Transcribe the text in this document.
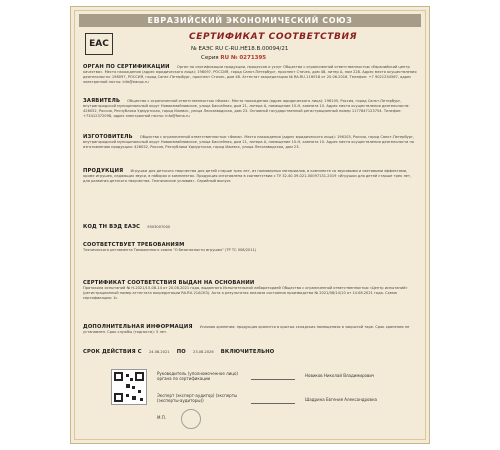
ЕВРАЗИЙСКИЙ ЭКОНОМИЧЕСКИЙ СОЮЗ
EAC
СЕРТИФИКАТ СООТВЕТСТВИЯ
№ ЕАЭС RU С-RU.НЕ18.В.00094/21
Серия RU № 0271395
ОРГАН ПО СЕРТИФИКАЦИИ Орган по сертификации продукции, процессов и услуг Общества с ограниченной ответственностью «Евразийский центр качества». Место нахождения (адрес юридического лица): 198097, РОССИЯ, город Санкт-Петербург, проспект Стачек, дом 48, литер А, пом 228. Адрес места осуществления деятельности: 198097, РОССИЯ, город Санкт-Петербург, проспект Стачек, дом 48. Аттестат аккредитации № RA.RU.11НЕ18 от 20.06.2016. Телефон: +7 9021234567, адрес электронной почты: info@eacqa.ru
ЗАЯВИТЕЛЬ Общество с ограниченной ответственностью «Фома». Место нахождения (адрес юридического лица): 196105, Россия, город Санкт-Петербург, внутригородской муниципальный округ Новоизмайловское, улица Бассейная, дом 21, литера А, помещение 10-Н, комната 10. Адрес места осуществления деятельности: 426052, Россия, Республика Удмуртская, город Ижевск, улица Лесозаводская, дом 23. Основной государственный регистрационный номер 1177847123754. Телефон: +73412372098, адрес электронной почты: info@foma.ru
ИЗГОТОВИТЕЛЬ Общество с ограниченной ответственностью «Фома». Место нахождения (адрес юридического лица): 196105, Россия, город Санкт-Петербург, внутригородской муниципальный округ Новоизмайловское, улица Бассейная, дом 21, литера А, помещение 10-Н, комната 10. Адрес места осуществления деятельности по изготовлению продукции: 426052, Россия, Республика Удмуртская, город Ижевск, улица Лесозаводская, дом 23.
ПРОДУКЦИЯ Игрушки для детского творчества для детей старше трех лет, из полимерных материалов, в комплекте со звуковыми и световыми эффектами, кроме игрушек, издающих звуки, в наборах и комплектах. Продукция изготовлена в соответствии с ТУ 32.40.39-021-00097131-2019 «Игрушки для детей старше трех лет, для развития детского творчества. Технические условия». Серийный выпуск
КОД ТН ВЭД ЕАЭС 9503007000
СООТВЕТСТВУЕТ ТРЕБОВАНИЯМ
Технического регламента Таможенного союза "О безопасности игрушек" (ТР ТС 008/2011)
СЕРТИФИКАТ СООТВЕТСТВИЯ ВЫДАН НА ОСНОВАНИИ
Протокола испытаний № Н-2021/15-08-14 от 20.08.2021 года, выданного Испытательной лабораторией Общества с ограниченной ответственностью «Центр испытаний» (регистрационный номер аттестата аккредитации RA.RU.21АСК3). Акта о результатах анализа состояния производства № 2021/08/14/10 от 14.08.2021 года. Схема сертификации: 1с
ДОПОЛНИТЕЛЬНАЯ ИНФОРМАЦИЯ Условия хранения: продукция хранится в крытых складских помещениях в закрытой таре. Срок хранения не установлен. Срок службы (годности): 5 лет.
СРОК ДЕЙСТВИЯ С 24.08.2021 ПО 23.08.2026 ВКЛЮЧИТЕЛЬНО
Руководитель (уполномоченное лицо) органа по сертификации
Новиков Николай Владимирович
Эксперт (эксперт-аудитор) (эксперты (эксперты-аудиторы))	Шадрина Евгения Александровна
М.П.
